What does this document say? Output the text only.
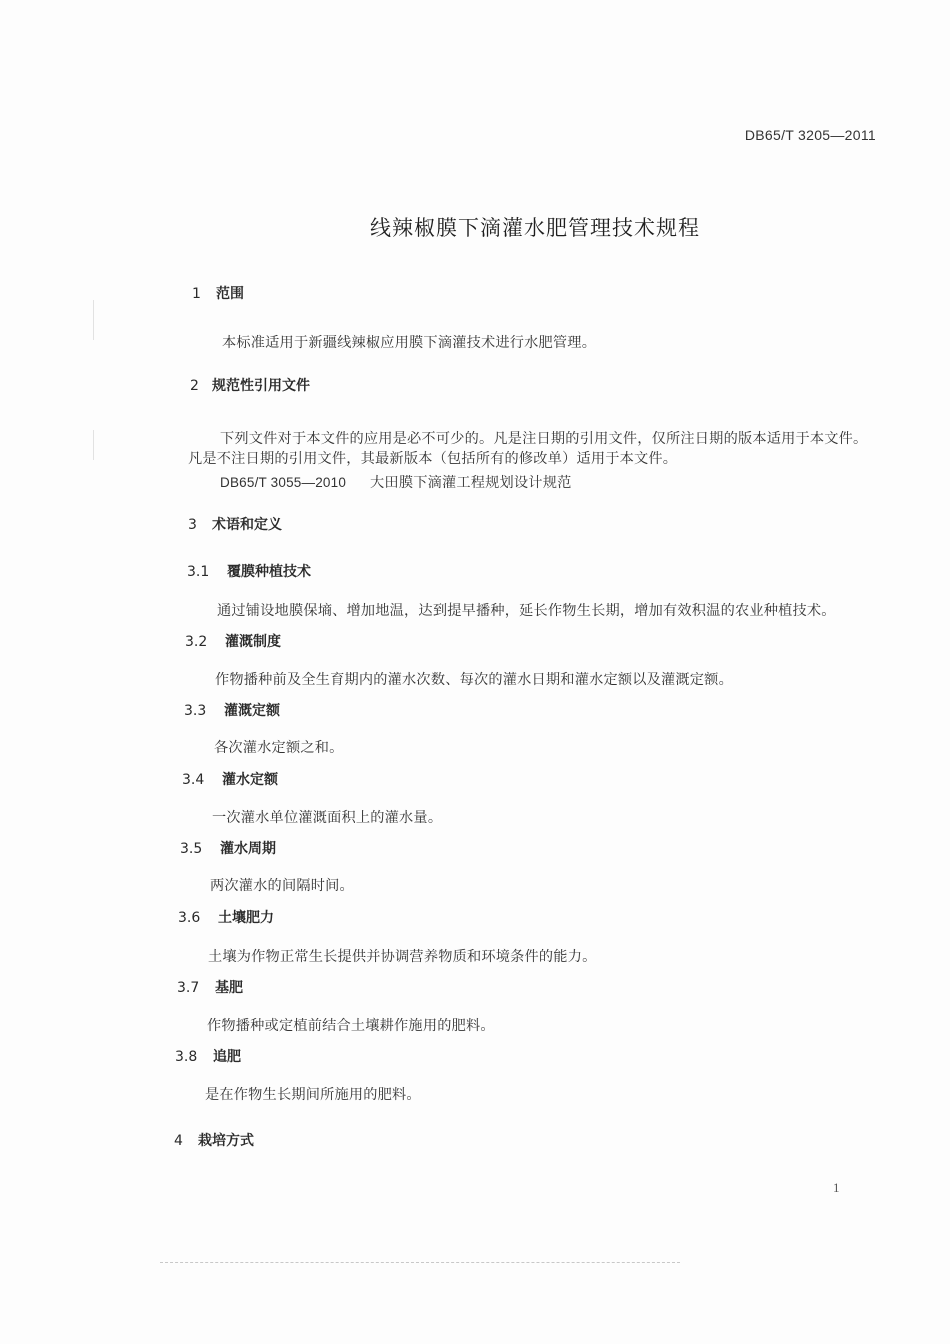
DB65/T 3205—2011
线辣椒膜下滴灌水肥管理技术规程
1 范围
本标准适用于新疆线辣椒应用膜下滴灌技术进行水肥管理。
2 规范性引用文件
下列文件对于本文件的应用是必不可少的。凡是注日期的引用文件，仅所注日期的版本适用于本文件。凡是不注日期的引用文件，其最新版本（包括所有的修改单）适用于本文件。
DB65/T 3055—2010 大田膜下滴灌工程规划设计规范
3 术语和定义
3.1 覆膜种植技术
通过铺设地膜保墒、增加地温，达到提早播种，延长作物生长期，增加有效积温的农业种植技术。
3.2 灌溉制度
作物播种前及全生育期内的灌水次数、每次的灌水日期和灌水定额以及灌溉定额。
3.3 灌溉定额
各次灌水定额之和。
3.4 灌水定额
一次灌水单位灌溉面积上的灌水量。
3.5 灌水周期
两次灌水的间隔时间。
3.6 土壤肥力
土壤为作物正常生长提供并协调营养物质和环境条件的能力。
3.7 基肥
作物播种或定植前结合土壤耕作施用的肥料。
3.8 追肥
是在作物生长期间所施用的肥料。
4 栽培方式
1
